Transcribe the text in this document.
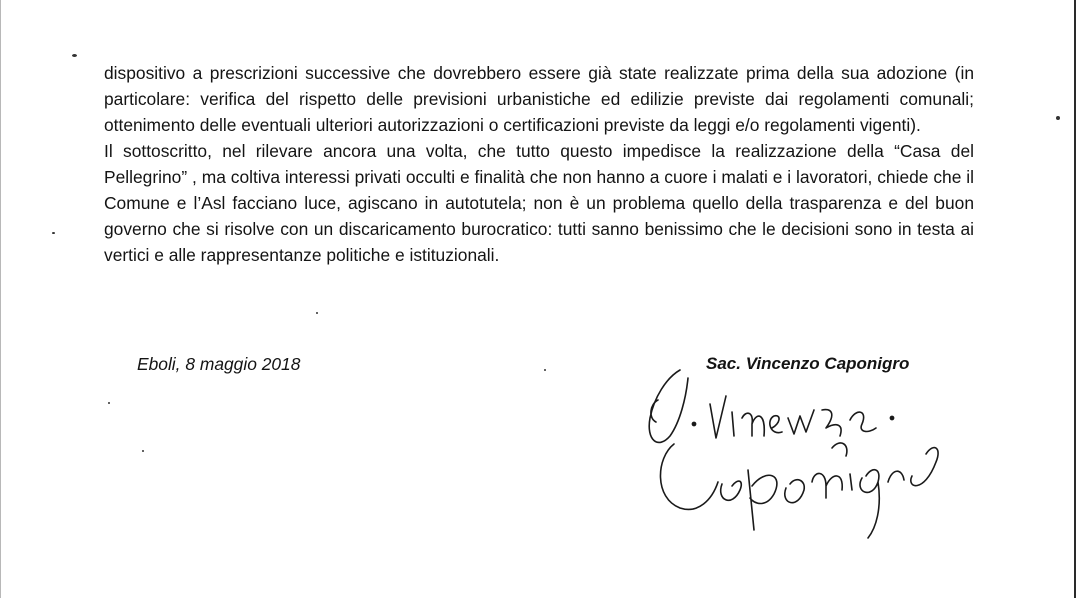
dispositivo a prescrizioni successive che dovrebbero essere già state realizzate prima della sua adozione (in particolare: verifica del rispetto delle previsioni urbanistiche ed edilizie previste dai regolamenti comunali; ottenimento delle eventuali ulteriori autorizzazioni o certificazioni previste da leggi e/o regolamenti vigenti).

Il sottoscritto, nel rilevare ancora una volta, che tutto questo impedisce la realizzazione della “Casa del Pellegrino” , ma coltiva interessi privati occulti e finalità che non hanno a cuore i malati e i lavoratori, chiede che il Comune e l’Asl facciano luce, agiscano in autotutela; non è un problema quello della trasparenza e del buon governo che si risolve con un discaricamento burocratico: tutti sanno benissimo che le decisioni sono in testa ai vertici e alle rappresentanze politiche e istituzionali.

Eboli, 8 maggio 2018	Sac. Vincenzo Caponigro
